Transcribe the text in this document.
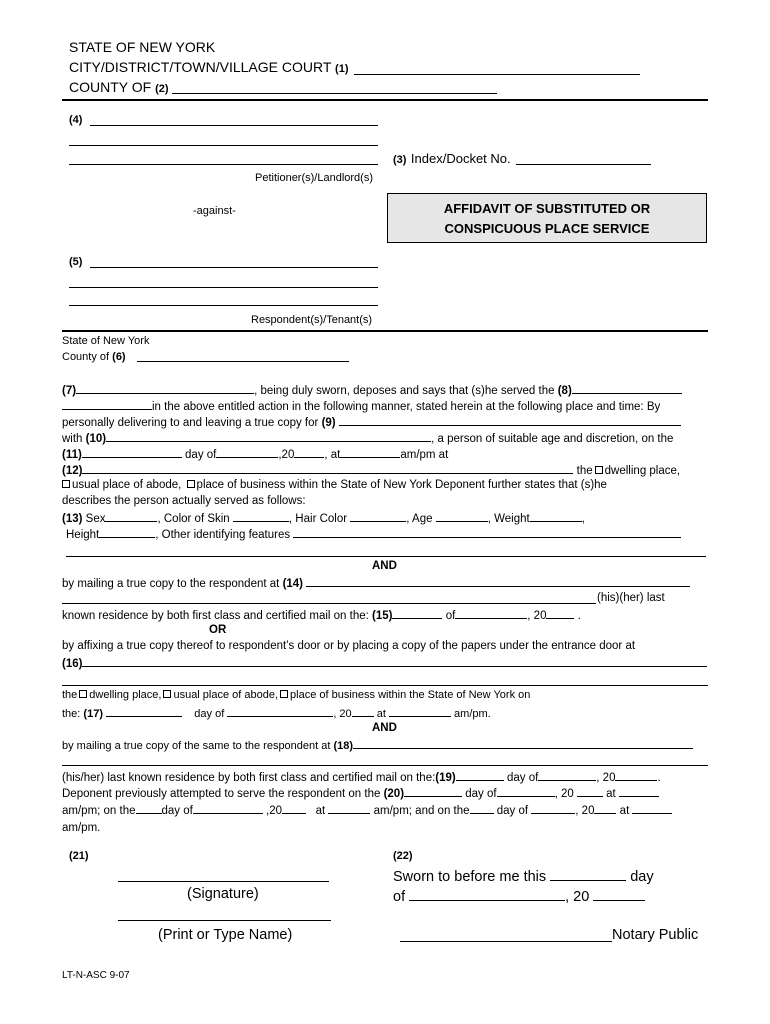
STATE OF NEW YORK
CITY/DISTRICT/TOWN/VILLAGE COURT (1)
COUNTY OF (2)
(4)
(3) Index/Docket No.
Petitioner(s)/Landlord(s)
-against-	AFFIDAVIT OF SUBSTITUTED OR
CONSPICUOUS PLACE SERVICE
(5)
Respondent(s)/Tenant(s)
State of New York
County of (6)
(7)	, being duly sworn, deposes and says that (s)he served the (8)
in the above entitled action in the following manner, stated herein at the following place and time: By
personally delivering to and leaving a true copy for (9)
with (10)	, a person of suitable age and discretion, on the
(11)	day of	,20	, at	am/pm at
(12)	the dwelling place,
usual place of abode, place of business within the State of New York Deponent further states that (s)he
describes the person actually served as follows:
(13) Sex	, Color of Skin	, Hair Color	, Age	, Weight	,
Height	, Other identifying features
AND
by mailing a true copy to the respondent at (14)
(his)(her) last
known residence by both first class and certified mail on the: (15)	of	, 20	.
OR
by affixing a true copy thereof to respondent’s door or by placing a copy of the papers under the entrance door at
(16)
the dwelling place, usual place of abode, place of business within the State of New York on
the: (17)	day of	, 20 at	am/pm.
AND
by mailing a true copy of the same to the respondent at (18)
(his/her) last known residence by both first class and certified mail on the:(19)	day of	, 20	.
Deponent previously attempted to serve the respondent on the (20)	day of	, 20	at
am/pm; on the day of	,20	at	am/pm; and on the day of	, 20 at
am/pm.
(21)
(Signature)
(Print or Type Name)
(22)
Sworn to before me this	day
of	, 20
Notary Public
LT-N-ASC 9-07
